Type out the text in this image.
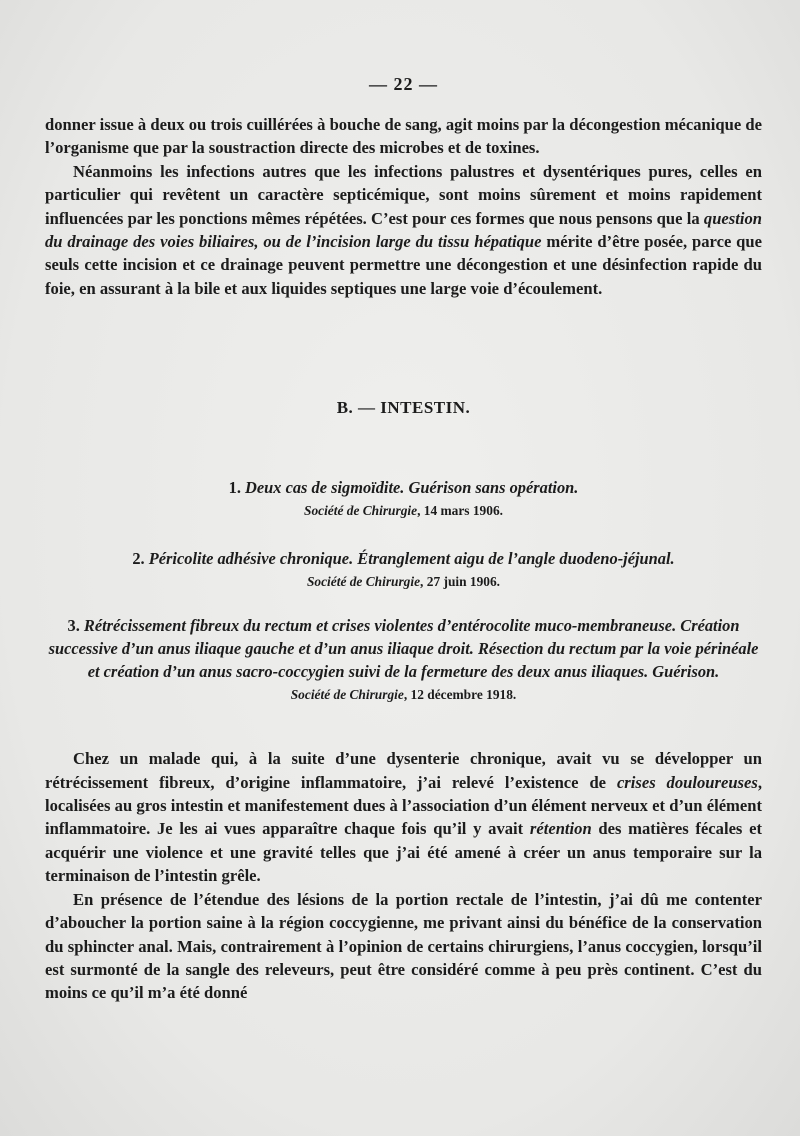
— 22 —

donner issue à deux ou trois cuillérées à bouche de sang, agit moins par la décongestion mécanique de l’organisme que par la soustraction directe des microbes et de toxines.

Néanmoins les infections autres que les infections palustres et dysentériques pures, celles en particulier qui revêtent un caractère septicémique, sont moins sûrement et moins rapidement influencées par les ponctions mêmes répétées. C’est pour ces formes que nous pensons que la question du drainage des voies biliaires, ou de l’incision large du tissu hépatique mérite d’être posée, parce que seuls cette incision et ce drainage peuvent permettre une décongestion et une désinfection rapide du foie, en assurant à la bile et aux liquides septiques une large voie d’écoulement.

B. — INTESTIN.
1. Deux cas de sigmoïdite. Guérison sans opération.
Société de Chirurgie, 14 mars 1906.
2. Péricolite adhésive chronique. Étranglement aigu de l’angle duodeno-jéjunal.
Société de Chirurgie, 27 juin 1906.
3. Rétrécissement fibreux du rectum et crises violentes d’entérocolite muco-membraneuse. Création successive d’un anus iliaque gauche et d’un anus iliaque droit. Résection du rectum par la voie périnéale et création d’un anus sacro-coccygien suivi de la fermeture des deux anus iliaques. Guérison.
Société de Chirurgie, 12 décembre 1918.

Chez un malade qui, à la suite d’une dysenterie chronique, avait vu se développer un rétrécissement fibreux, d’origine inflammatoire, j’ai relevé l’existence de crises douloureuses, localisées au gros intestin et manifestement dues à l’association d’un élément nerveux et d’un élément inflammatoire. Je les ai vues apparaître chaque fois qu’il y avait rétention des matières fécales et acquérir une violence et une gravité telles que j’ai été amené à créer un anus temporaire sur la terminaison de l’intestin grêle.

En présence de l’étendue des lésions de la portion rectale de l’intestin, j’ai dû me contenter d’aboucher la portion saine à la région coccygienne, me privant ainsi du bénéfice de la conservation du sphincter anal. Mais, contrairement à l’opinion de certains chirurgiens, l’anus coccygien, lorsqu’il est surmonté de la sangle des releveurs, peut être considéré comme à peu près continent. C’est du moins ce qu’il m’a été donné
